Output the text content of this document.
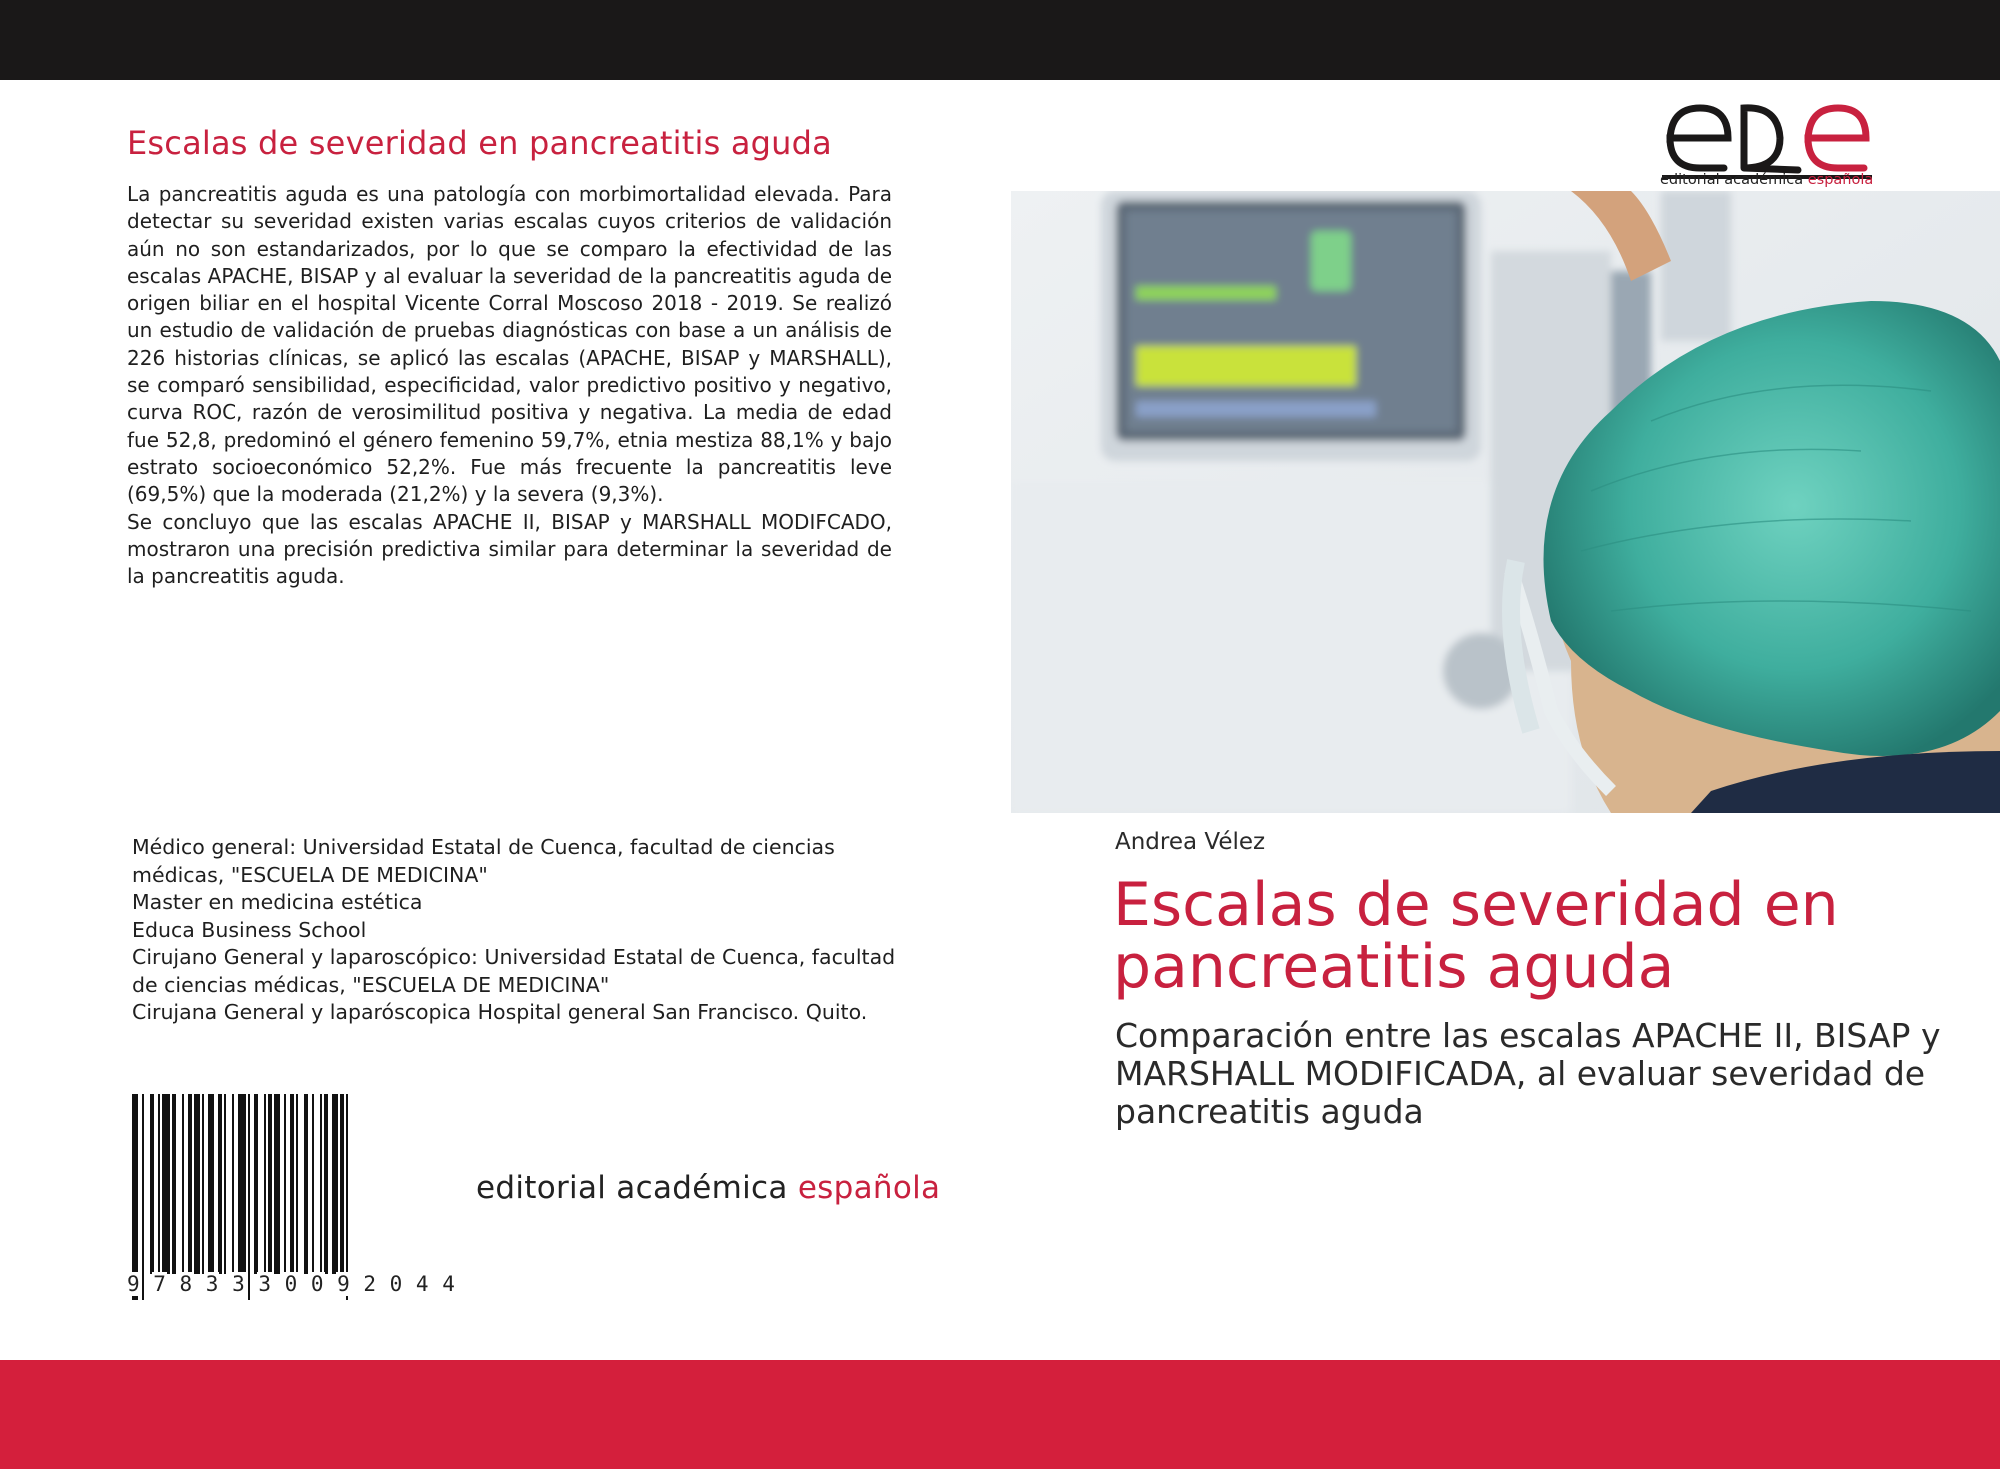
Escalas de severidad en pancreatitis aguda

La pancreatitis aguda es una patología con morbimortalidad elevada. Para detectar su severidad existen varias escalas cuyos criterios de validación aún no son estandarizados, por lo que se comparo la efectividad de las escalas APACHE, BISAP y al evaluar la severidad de la pancreatitis aguda de origen biliar en el hospital Vicente Corral Moscoso 2018 - 2019. Se realizó un estudio de validación de pruebas diagnósticas con base a un análisis de 226 historias clínicas, se aplicó las escalas (APACHE, BISAP y MARSHALL), se comparó sensibilidad, especificidad, valor predictivo positivo y negativo, curva ROC, razón de verosimilitud positiva y negativa. La media de edad fue 52,8, predominó el género femenino 59,7%, etnia mestiza 88,1% y bajo estrato socioeconómico 52,2%. Fue más frecuente la pancreatitis leve (69,5%) que la moderada (21,2%) y la severa (9,3%).

Se concluyo que las escalas APACHE II, BISAP y MARSHALL MODIFCADO, mostraron una precisión predictiva similar para determinar la severidad de la pancreatitis aguda.

Médico general: Universidad Estatal de Cuenca, facultad de ciencias médicas, "ESCUELA DE MEDICINA"
Master en medicina estética
Educa Business School
Cirujano General y laparoscópico: Universidad Estatal de Cuenca, facultad de ciencias médicas, "ESCUELA DE MEDICINA"
Cirujana General y laparóscopica Hospital general San Francisco. Quito.
9 7 8 3 3 3 0 0 9 2 0 4 4
editorial académica española
editorial académica española
Andrea Vélez
Escalas de severidad en pancreatitis aguda
Comparación entre las escalas APACHE II, BISAP y MARSHALL MODIFICADA, al evaluar severidad de pancreatitis aguda
